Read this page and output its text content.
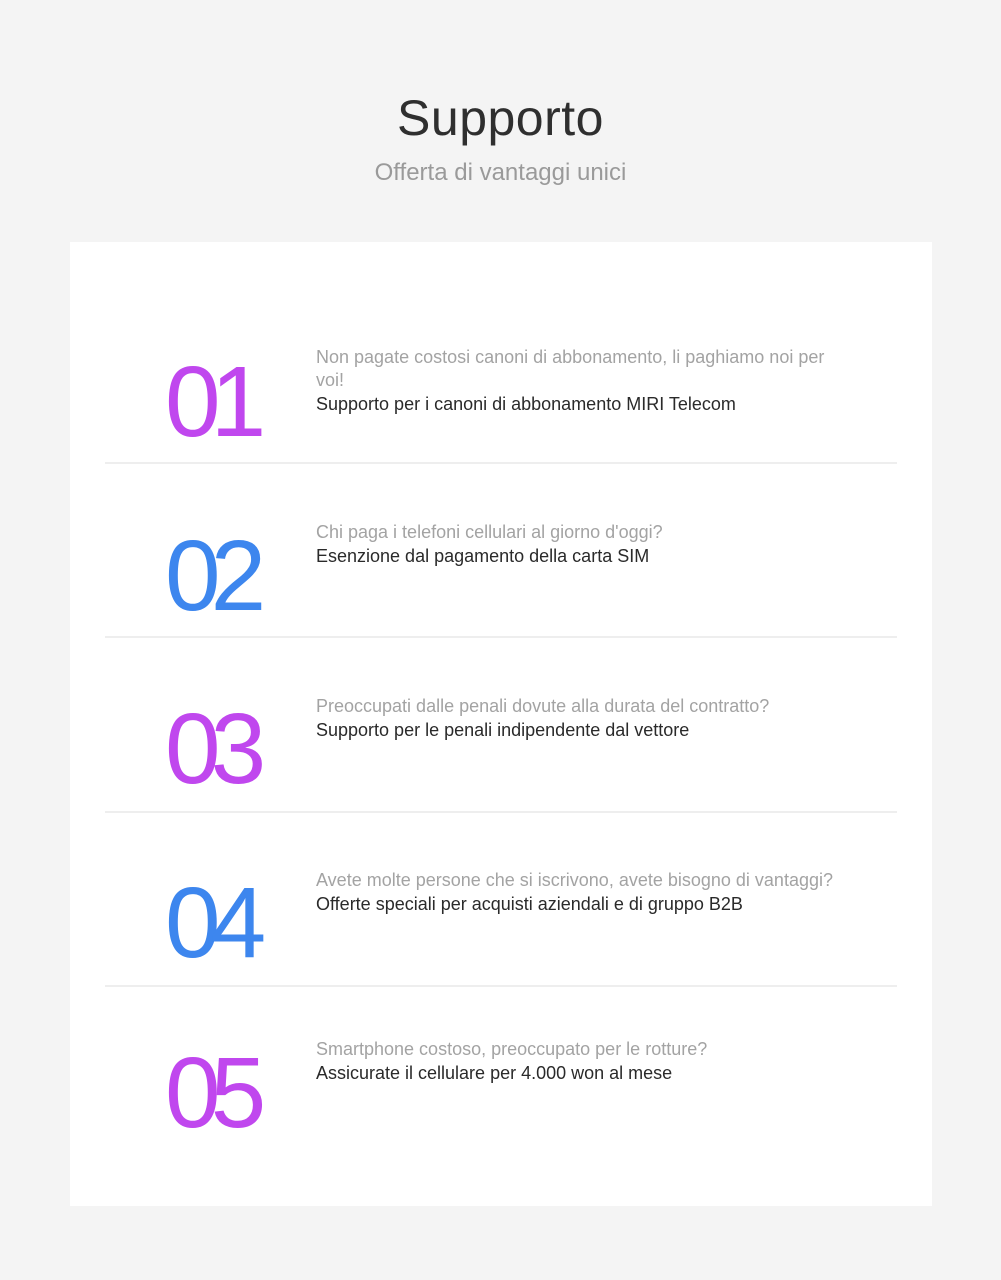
Supporto

Offerta di vantaggi unici

01	Non pagate costosi canoni di abbonamento, li paghiamo noi per voi!

Supporto per i canoni di abbonamento MIRI Telecom

02	Chi paga i telefoni cellulari al giorno d'oggi?

Esenzione dal pagamento della carta SIM

03	Preoccupati dalle penali dovute alla durata del contratto?

Supporto per le penali indipendente dal vettore

04	Avete molte persone che si iscrivono, avete bisogno di vantaggi?

Offerte speciali per acquisti aziendali e di gruppo B2B

05	Smartphone costoso, preoccupato per le rotture?

Assicurate il cellulare per 4.000 won al mese
